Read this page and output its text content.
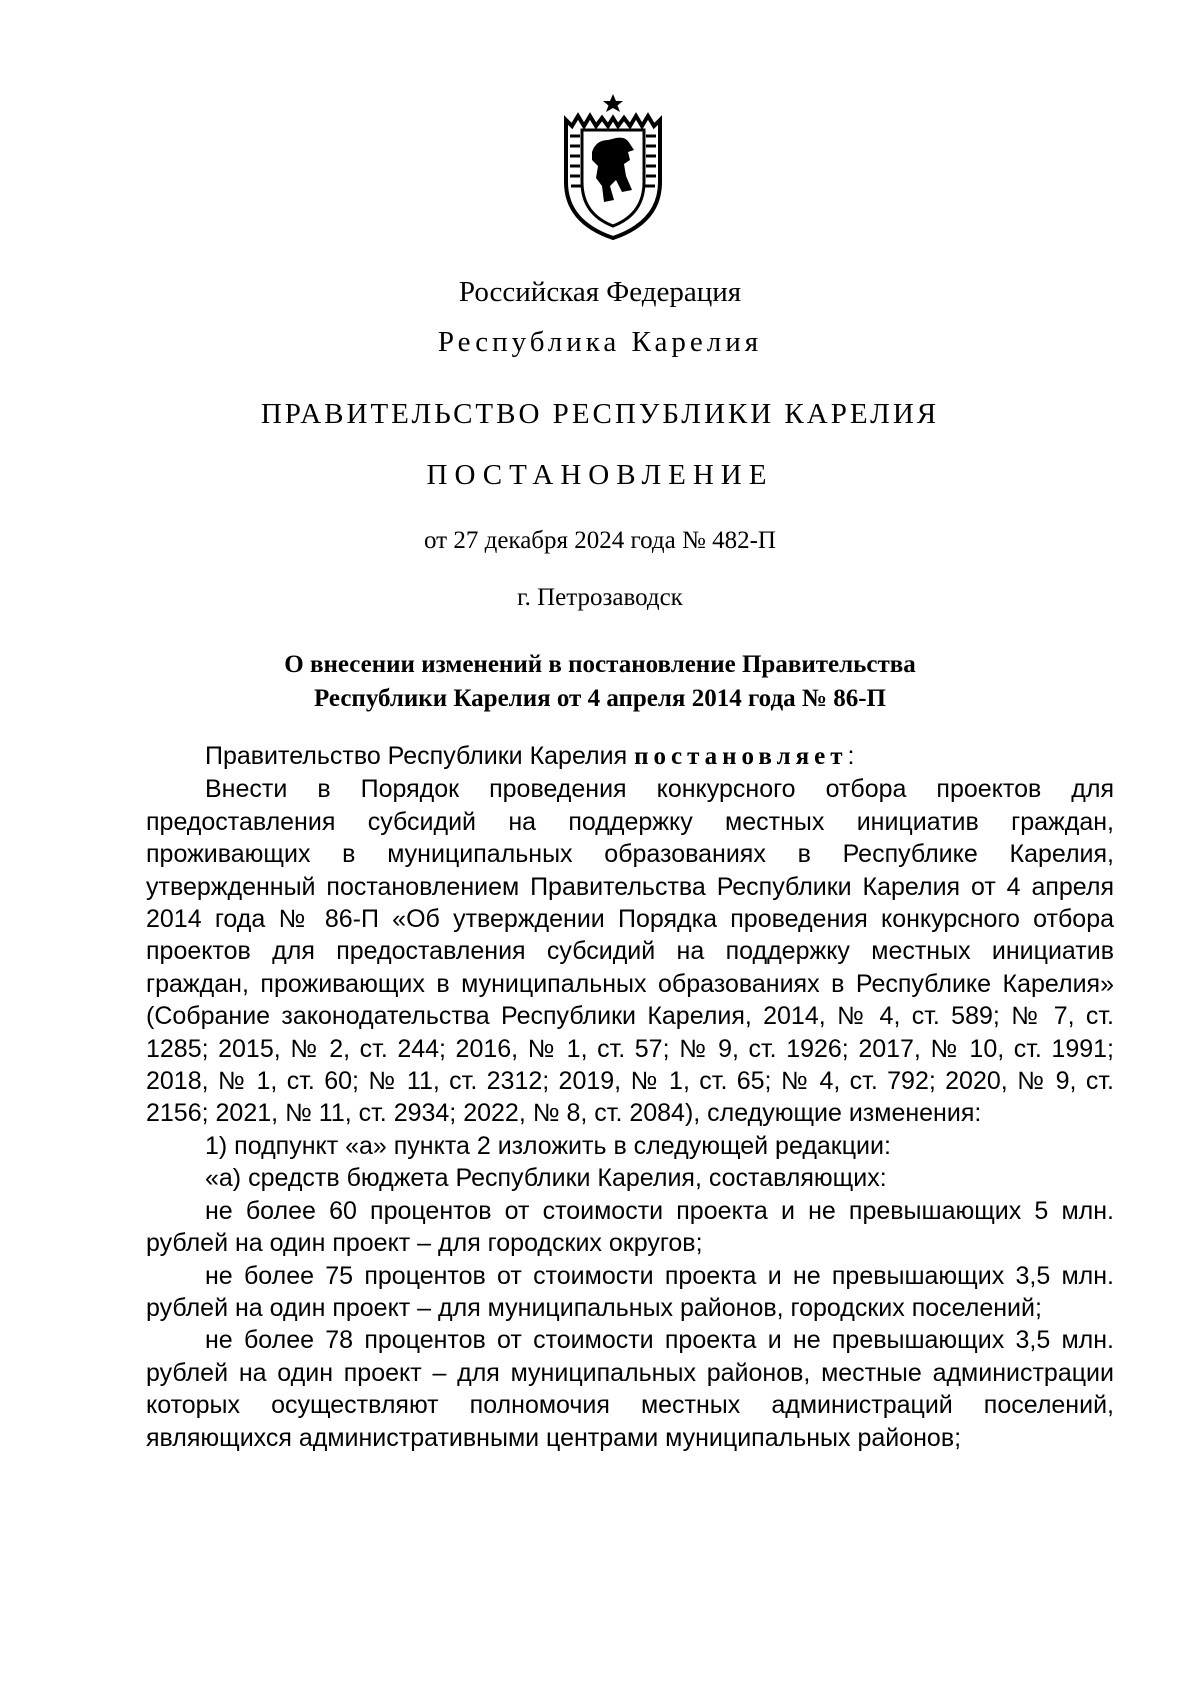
Российская Федерация
Республика Карелия
ПРАВИТЕЛЬСТВО РЕСПУБЛИКИ КАРЕЛИЯ
ПОСТАНОВЛЕНИЕ
от 27 декабря 2024 года № 482-П
г. Петрозаводск
О внесении изменений в постановление Правительства
Республики Карелия от 4 апреля 2014 года № 86-П

Правительство Республики Карелия постановляет:

Внести в Порядок проведения конкурсного отбора проектов для предоставления субсидий на поддержку местных инициатив граждан, проживающих в муниципальных образованиях в Республике Карелия, утвержденный постановлением Правительства Республики Карелия от 4 апреля 2014 года № 86-П «Об утверждении Порядка проведения конкурсного отбора проектов для предоставления субсидий на поддержку местных инициатив граждан, проживающих в муниципальных образованиях в Республике Карелия» (Собрание законодательства Республики Карелия, 2014, № 4, ст. 589; № 7, ст. 1285; 2015, № 2, ст. 244; 2016, № 1, ст. 57; № 9, ст. 1926; 2017, № 10, ст. 1991; 2018, № 1, ст. 60; № 11, ст. 2312; 2019, № 1, ст. 65; № 4, ст. 792; 2020, № 9, ст. 2156; 2021, № 11, ст. 2934; 2022, № 8, ст. 2084), следующие изменения:

1) подпункт «а» пункта 2 изложить в следующей редакции:

«а) средств бюджета Республики Карелия, составляющих:

не более 60 процентов от стоимости проекта и не превышающих 5 млн. рублей на один проект – для городских округов;

не более 75 процентов от стоимости проекта и не превышающих 3,5 млн. рублей на один проект – для муниципальных районов, городских поселений;

не более 78 процентов от стоимости проекта и не превышающих 3,5 млн. рублей на один проект – для муниципальных районов, местные администрации которых осуществляют полномочия местных администраций поселений, являющихся административными центрами муниципальных районов;
